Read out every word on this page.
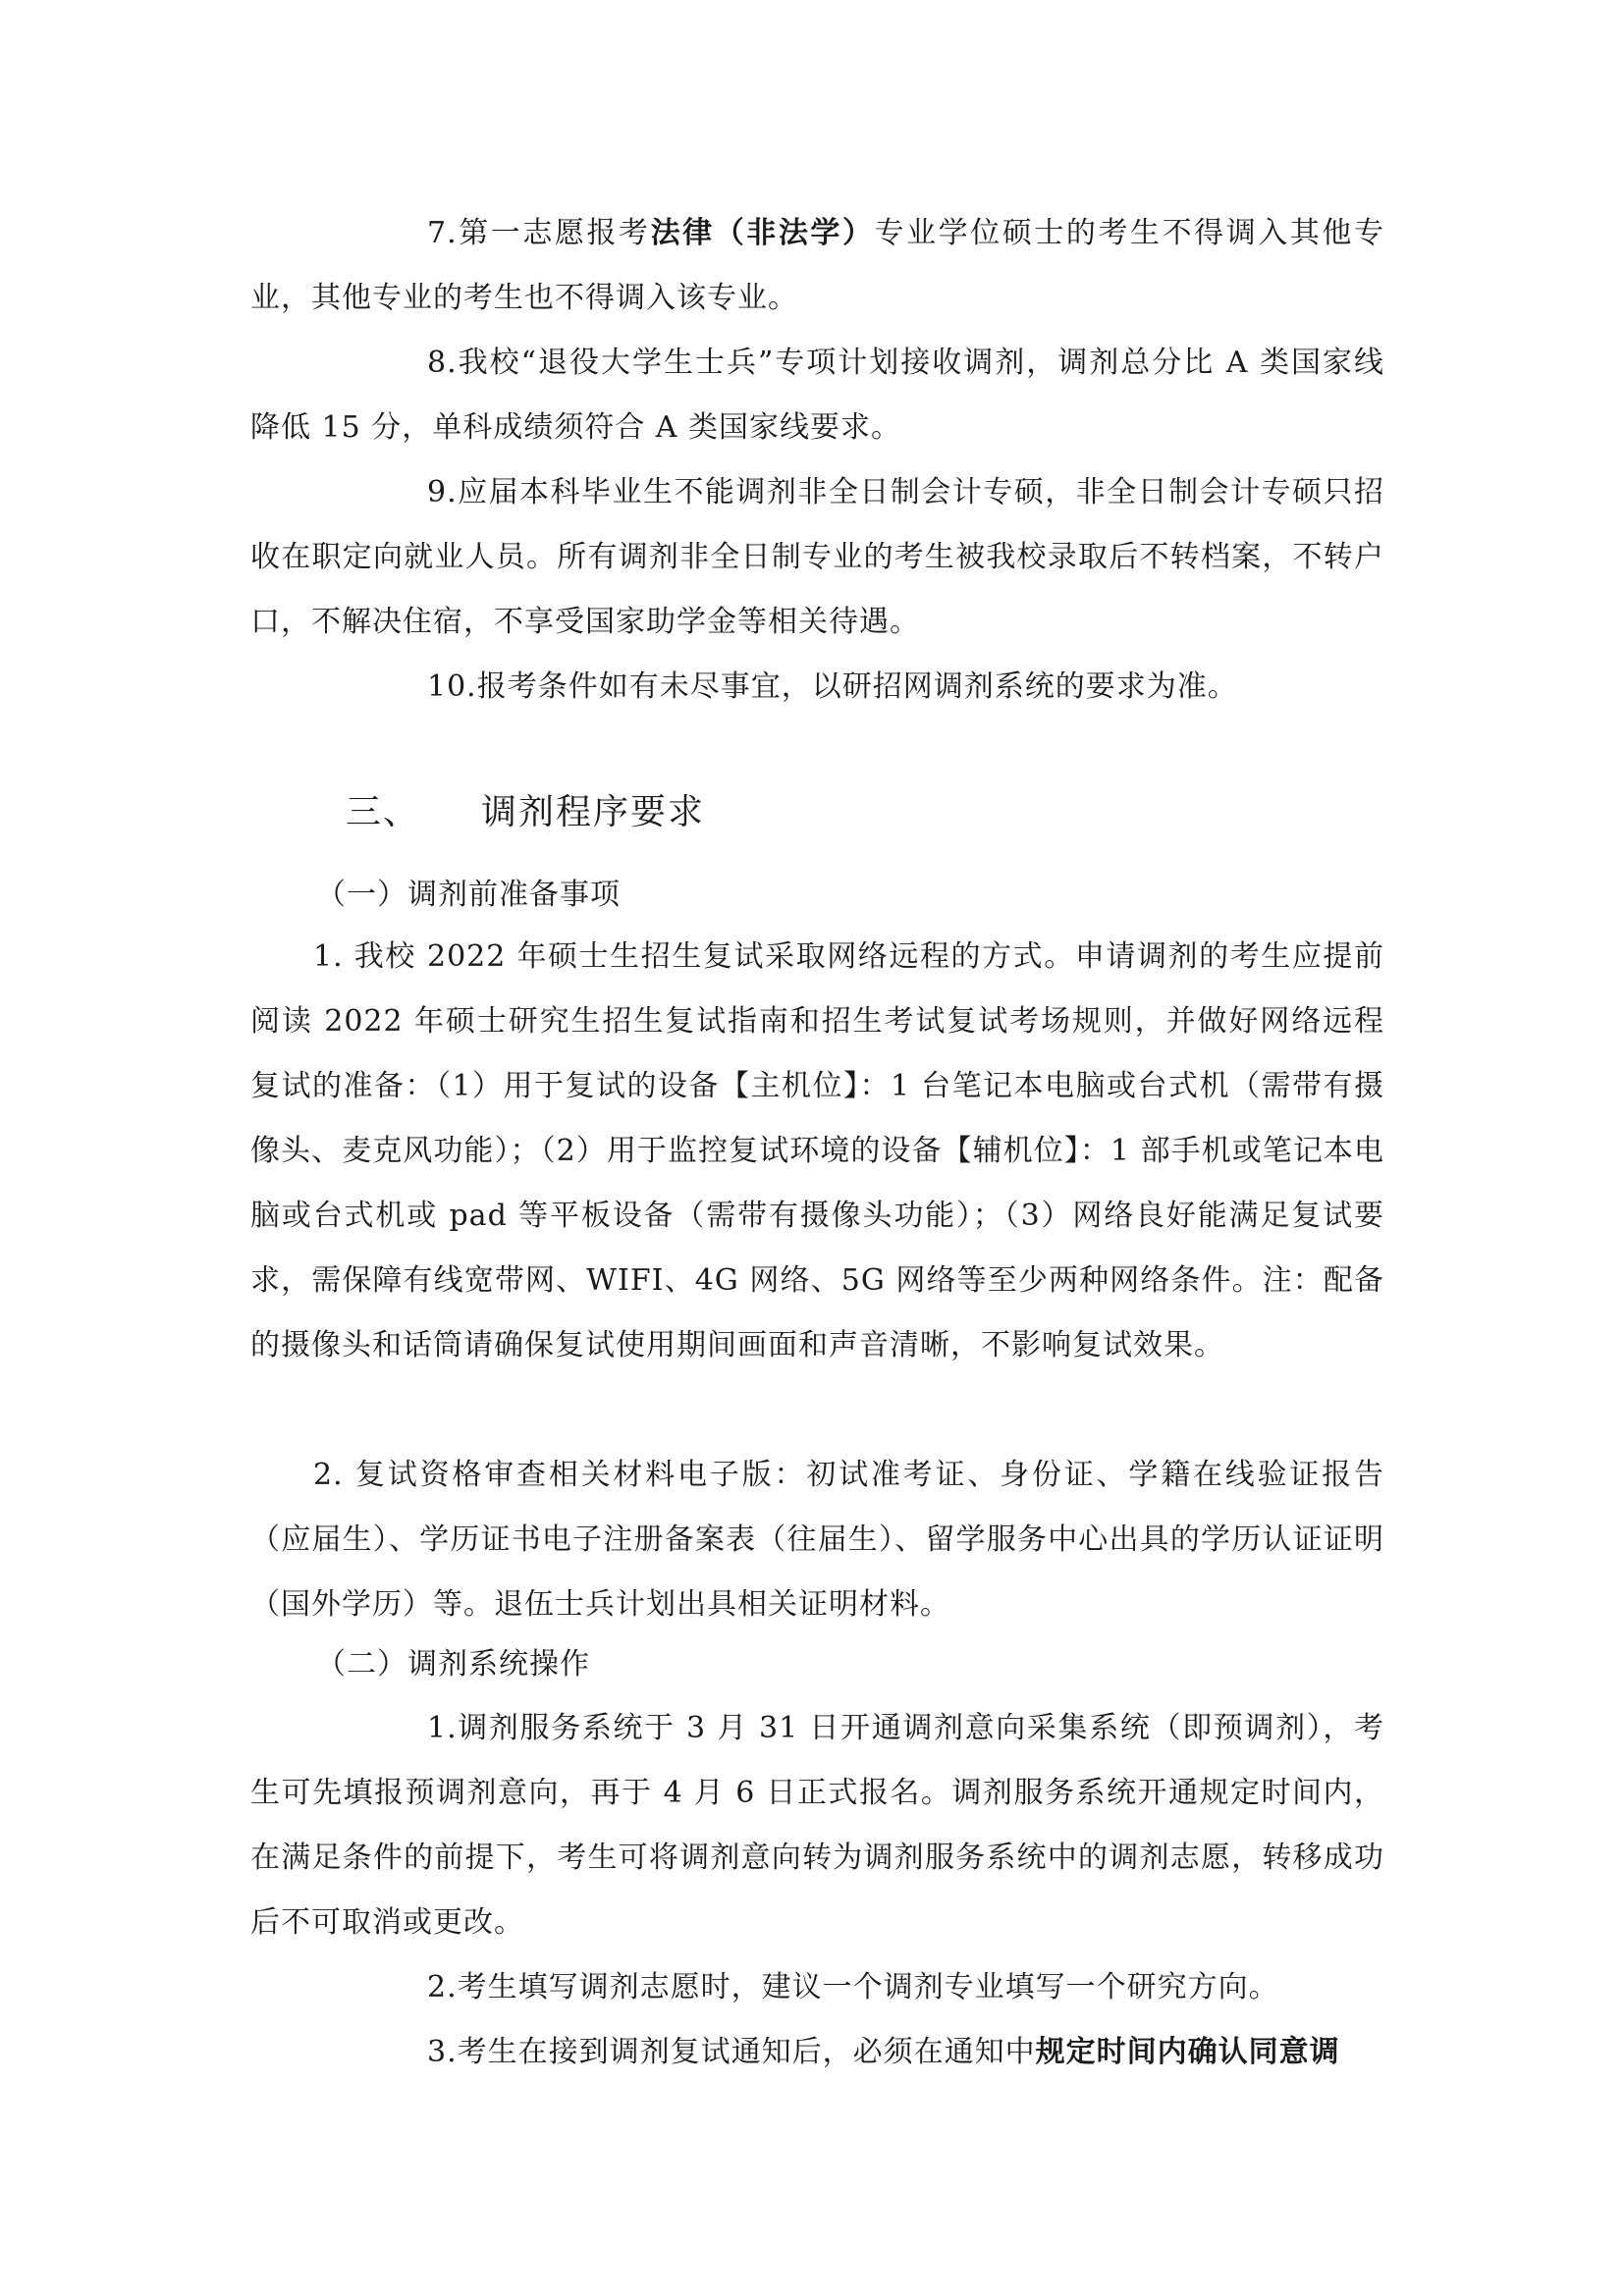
7.第一志愿报考法律（非法学）专业学位硕士的考生不得调入其他专业，其他专业的考生也不得调入该专业。
8.我校“退役大学生士兵”专项计划接收调剂，调剂总分比 A 类国家线降低 15 分，单科成绩须符合 A 类国家线要求。
9.应届本科毕业生不能调剂非全日制会计专硕，非全日制会计专硕只招收在职定向就业人员。所有调剂非全日制专业的考生被我校录取后不转档案，不转户口，不解决住宿，不享受国家助学金等相关待遇。
10.报考条件如有未尽事宜，以研招网调剂系统的要求为准。
三、 调剂程序要求
（一）调剂前准备事项
1. 我校 2022 年硕士生招生复试采取网络远程的方式。申请调剂的考生应提前阅读 2022 年硕士研究生招生复试指南和招生考试复试考场规则，并做好网络远程复试的准备：（1）用于复试的设备【主机位】：1 台笔记本电脑或台式机（需带有摄像头、麦克风功能）；（2）用于监控复试环境的设备【辅机位】：1 部手机或笔记本电脑或台式机或 pad 等平板设备（需带有摄像头功能）；（3）网络良好能满足复试要求，需保障有线宽带网、WIFI、4G 网络、5G 网络等至少两种网络条件。注：配备的摄像头和话筒请确保复试使用期间画面和声音清晰，不影响复试效果。
2. 复试资格审查相关材料电子版：初试准考证、身份证、学籍在线验证报告（应届生）、学历证书电子注册备案表（往届生）、留学服务中心出具的学历认证证明（国外学历）等。退伍士兵计划出具相关证明材料。
（二）调剂系统操作
1.调剂服务系统于 3 月 31 日开通调剂意向采集系统（即预调剂），考生可先填报预调剂意向，再于 4 月 6 日正式报名。调剂服务系统开通规定时间内，在满足条件的前提下，考生可将调剂意向转为调剂服务系统中的调剂志愿，转移成功后不可取消或更改。
2.考生填写调剂志愿时，建议一个调剂专业填写一个研究方向。
3.考生在接到调剂复试通知后，必须在通知中规定时间内确认同意调
